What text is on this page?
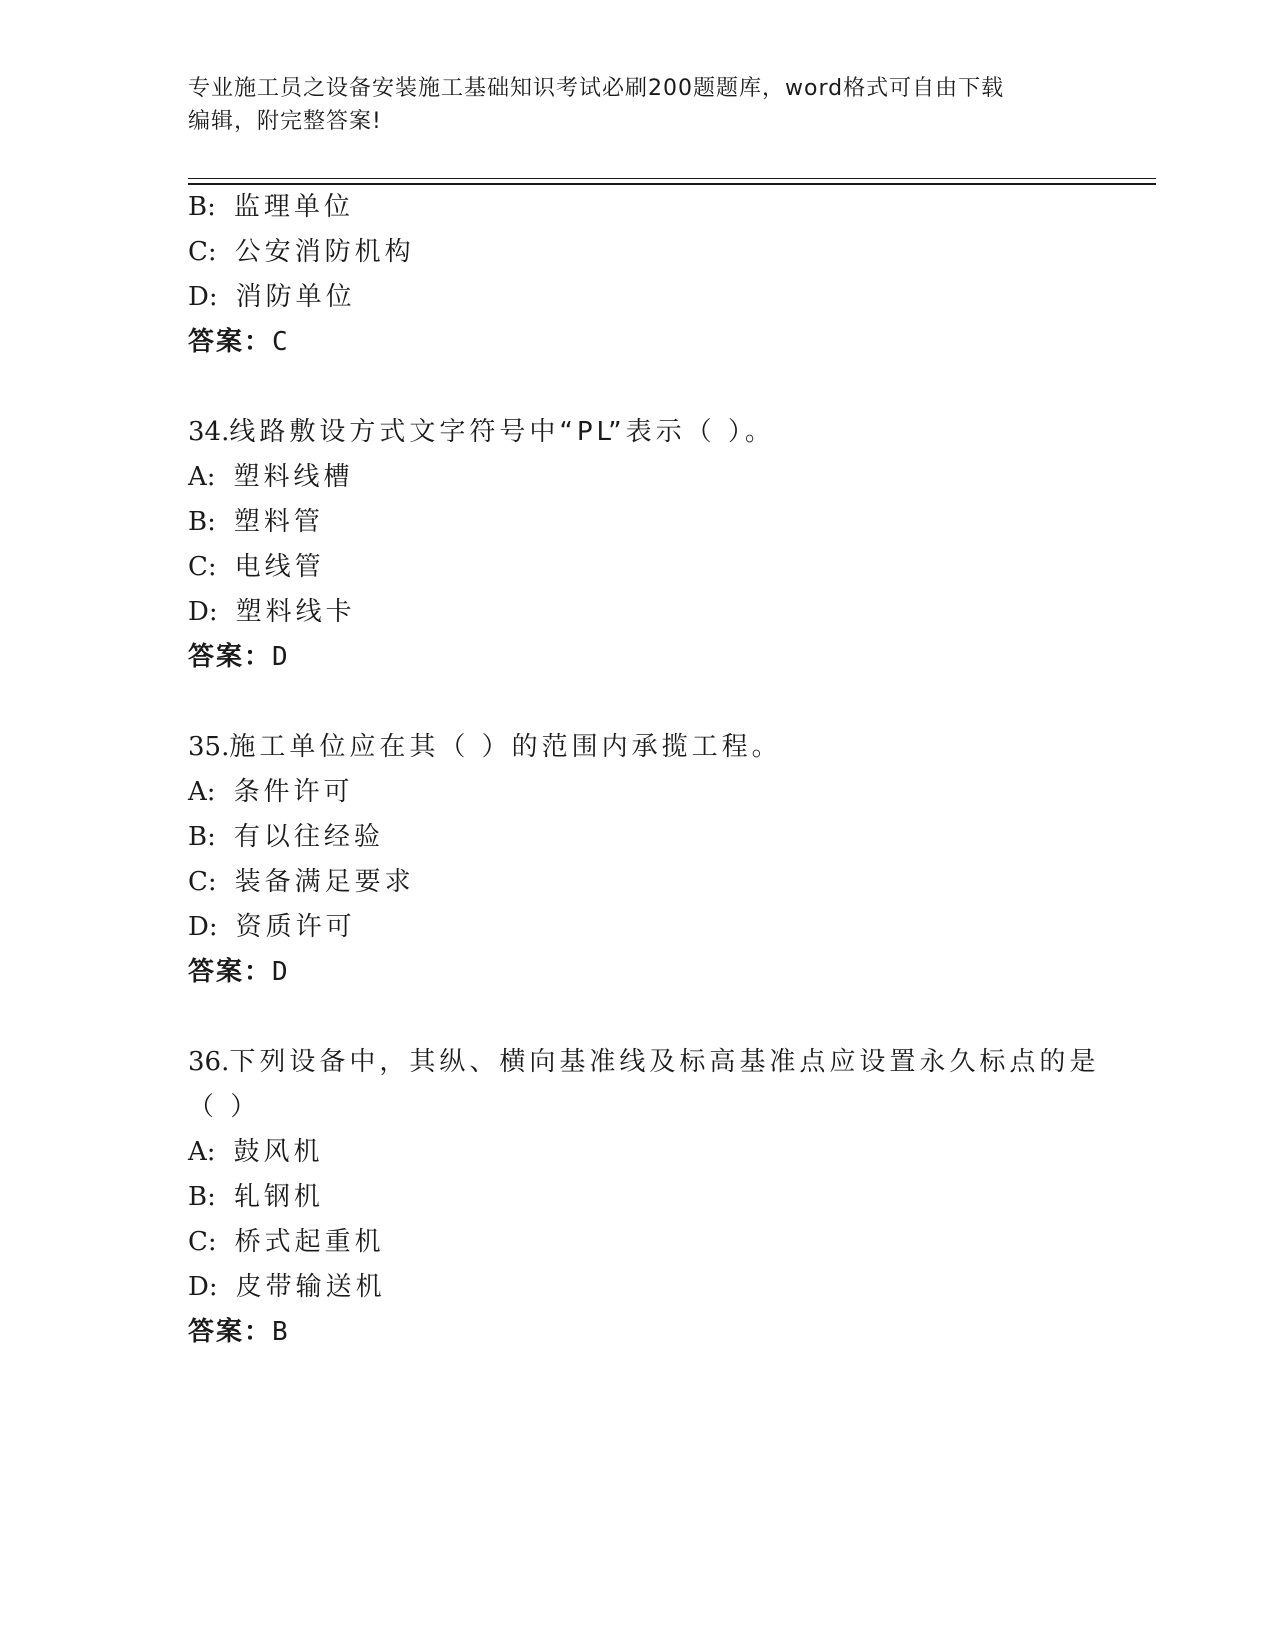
专业施工员之设备安装施工基础知识考试必刷200题题库，word格式可自由下载
编辑，附完整答案!
B: 监理单位
C: 公安消防机构
D: 消防单位
答案：C
34.线路敷设方式文字符号中“PL”表示（ ）。
A: 塑料线槽
B: 塑料管
C: 电线管
D: 塑料线卡
答案：D
35.施工单位应在其（ ）的范围内承揽工程。
A: 条件许可
B: 有以往经验
C: 装备满足要求
D: 资质许可
答案：D
36.下列设备中，其纵、横向基准线及标高基准点应设置永久标点的是
（ ）
A: 鼓风机
B: 轧钢机
C: 桥式起重机
D: 皮带输送机
答案：B
